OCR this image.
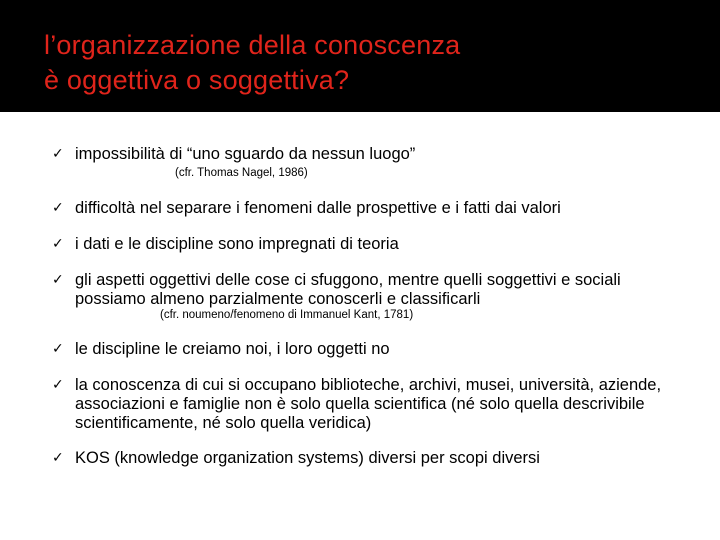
l’organizzazione della conoscenza
è oggettiva o soggettiva?
✓ impossibilità di “uno sguardo da nessun luogo”
(cfr. Thomas Nagel, 1986)
✓ difficoltà nel separare i fenomeni dalle prospettive e i fatti dai valori
✓ i dati e le discipline sono impregnati di teoria
✓ gli aspetti oggettivi delle cose ci sfuggono, mentre quelli soggettivi e sociali possiamo almeno parzialmente conoscerli e classificarli
(cfr. noumeno/fenomeno di Immanuel Kant, 1781)
✓ le discipline le creiamo noi, i loro oggetti no
✓ la conoscenza di cui si occupano biblioteche, archivi, musei, università, aziende, associazioni e famiglie non è solo quella scientifica (né solo quella descrivibile scientificamente, né solo quella veridica)
✓ KOS (knowledge organization systems) diversi per scopi diversi
